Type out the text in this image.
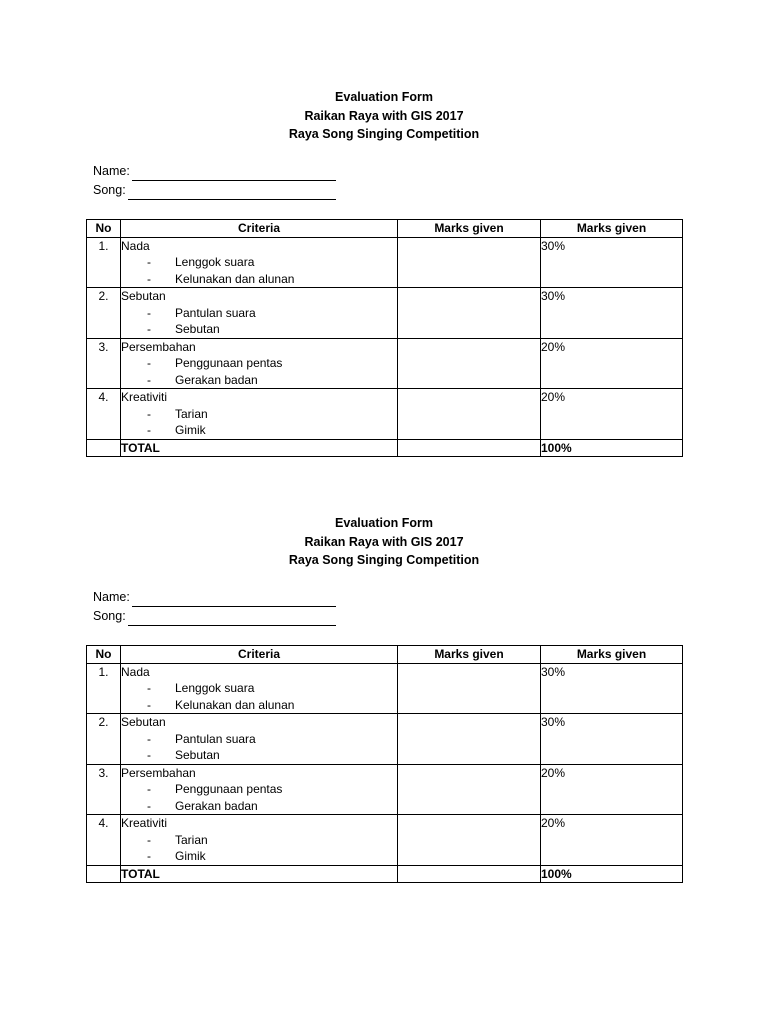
Evaluation Form
Raikan Raya with GIS 2017
Raya Song Singing Competition
Name:
Song:
No	Criteria	Marks given	Marks given
1.	Nada
- Lenggok suara
- Kelunakan dan alunan		30%
2.	Sebutan
- Pantulan suara
- Sebutan		30%
3.	Persembahan
- Penggunaan pentas
- Gerakan badan		20%
4.	Kreativiti
- Tarian
- Gimik		20%
	TOTAL		100%
Evaluation Form
Raikan Raya with GIS 2017
Raya Song Singing Competition
Name:
Song:
No	Criteria	Marks given	Marks given
1.	Nada
- Lenggok suara
- Kelunakan dan alunan		30%
2.	Sebutan
- Pantulan suara
- Sebutan		30%
3.	Persembahan
- Penggunaan pentas
- Gerakan badan		20%
4.	Kreativiti
- Tarian
- Gimik		20%
	TOTAL		100%
